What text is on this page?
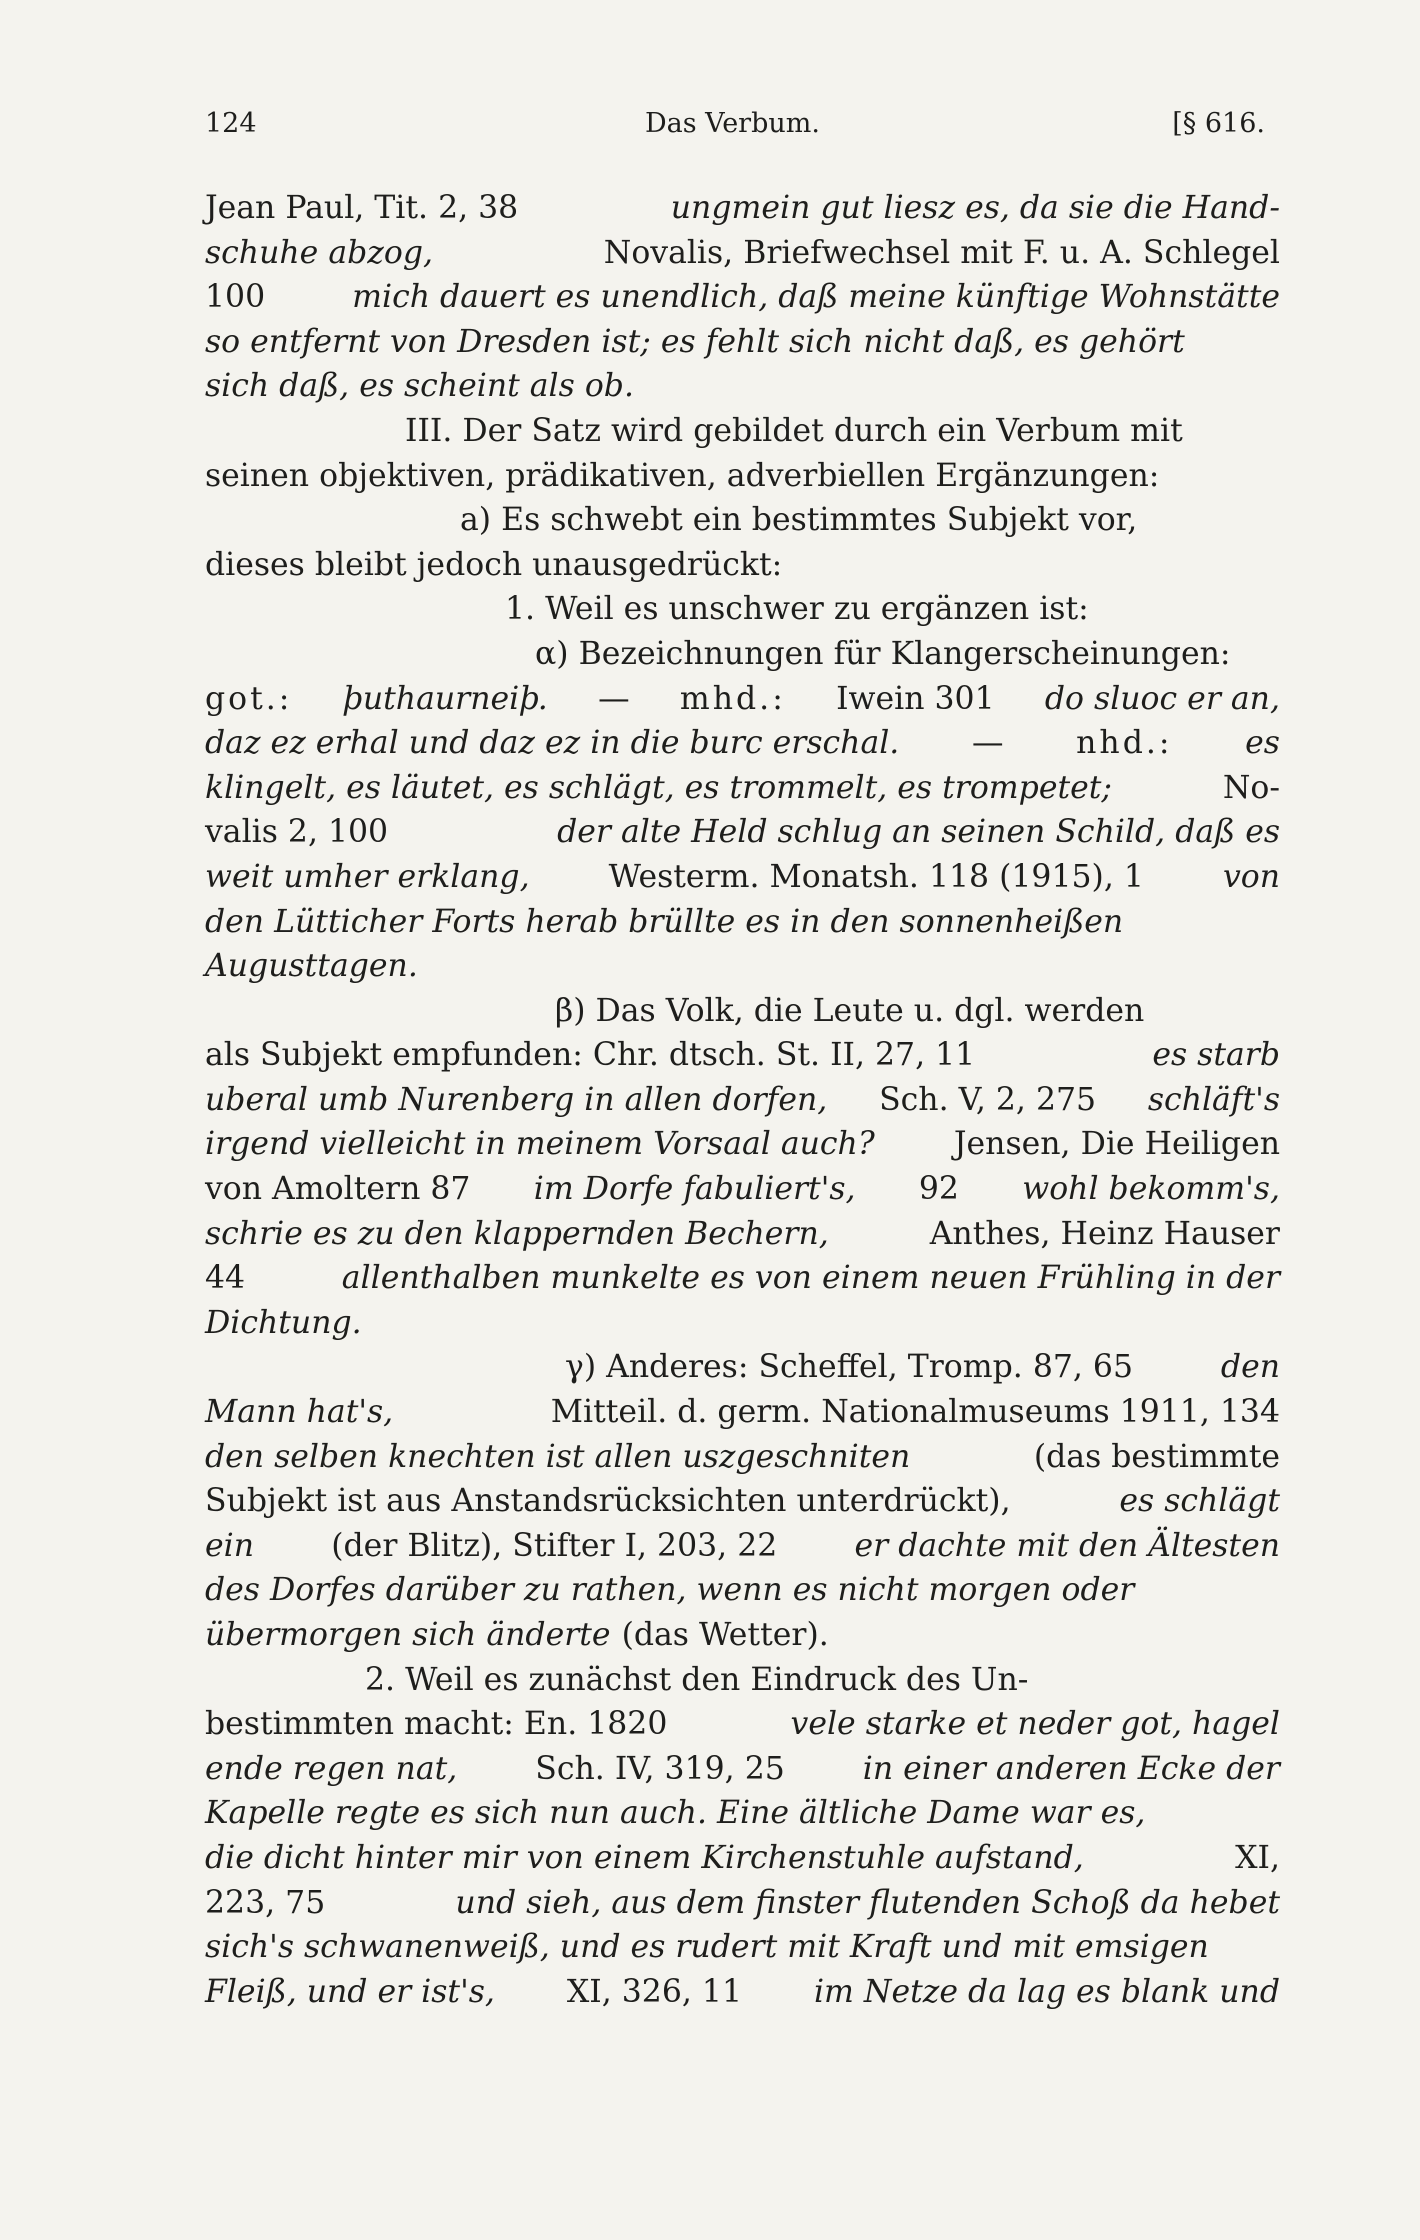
124	Das Verbum.	[§ 616.
Jean Paul, Tit. 2, 38	ungmein gut liesz es, da sie die Hand-
schuhe abzog,	Novalis, Briefwechsel mit F. u. A. Schlegel
100	mich dauert es unendlich, daß meine künftige Wohnstätte
so entfernt von Dresden ist; es fehlt sich nicht daß, es gehört
sich daß, es scheint als ob.
III. Der Satz wird gebildet durch ein Verbum mit
seinen objektiven, prädikativen, adverbiellen Ergänzungen:
a) Es schwebt ein bestimmtes Subjekt vor,
dieses bleibt jedoch unausgedrückt:
1. Weil es unschwer zu ergänzen ist:
α) Bezeichnungen für Klangerscheinungen:
got.: þuthaurneiþ. — mhd.: Iwein 301 do sluoc er an,
daz ez erhal und daz ez in die burc erschal. — nhd.: es
klingelt, es läutet, es schlägt, es trommelt, es trompetet;	No-
valis 2, 100	der alte Held schlug an seinen Schild, daß es
weit umher erklang,	Westerm. Monatsh. 118 (1915), 1	von
den Lütticher Forts herab brüllte es in den sonnenheißen
Augusttagen.
β) Das Volk, die Leute u. dgl. werden
als Subjekt empfunden: Chr. dtsch. St. II, 27, 11	es starb
uberal umb Nurenberg in allen dorfen, Sch. V, 2, 275 schläft's
irgend vielleicht in meinem Vorsaal auch?	Jensen, Die Heiligen
von Amoltern 87 im Dorfe fabuliert's, 92 wohl bekomm's,
schrie es zu den klappernden Bechern,	Anthes, Heinz Hauser
44	allenthalben munkelte es von einem neuen Frühling in der
Dichtung.
γ) Anderes: Scheffel, Tromp. 87, 65	den
Mann hat's,	Mitteil. d. germ. Nationalmuseums 1911, 134
den selben knechten ist allen uszgeschniten	(das bestimmte
Subjekt ist aus Anstandsrücksichten unterdrückt),	es schlägt
ein (der Blitz), Stifter I, 203, 22 er dachte mit den Ältesten
des Dorfes darüber zu rathen, wenn es nicht morgen oder
übermorgen sich änderte (das Wetter).
2. Weil es zunächst den Eindruck des Un-
bestimmten macht: En. 1820	vele starke et neder got, hagel
ende regen nat, Sch. IV, 319, 25 in einer anderen Ecke der
Kapelle regte es sich nun auch. Eine ältliche Dame war es,
die dicht hinter mir von einem Kirchenstuhle aufstand,	XI,
223, 75	und sieh, aus dem finster flutenden Schoß da hebet
sich's schwanenweiß, und es rudert mit Kraft und mit emsigen
Fleiß, und er ist's, XI, 326, 11 im Netze da lag es blank und
